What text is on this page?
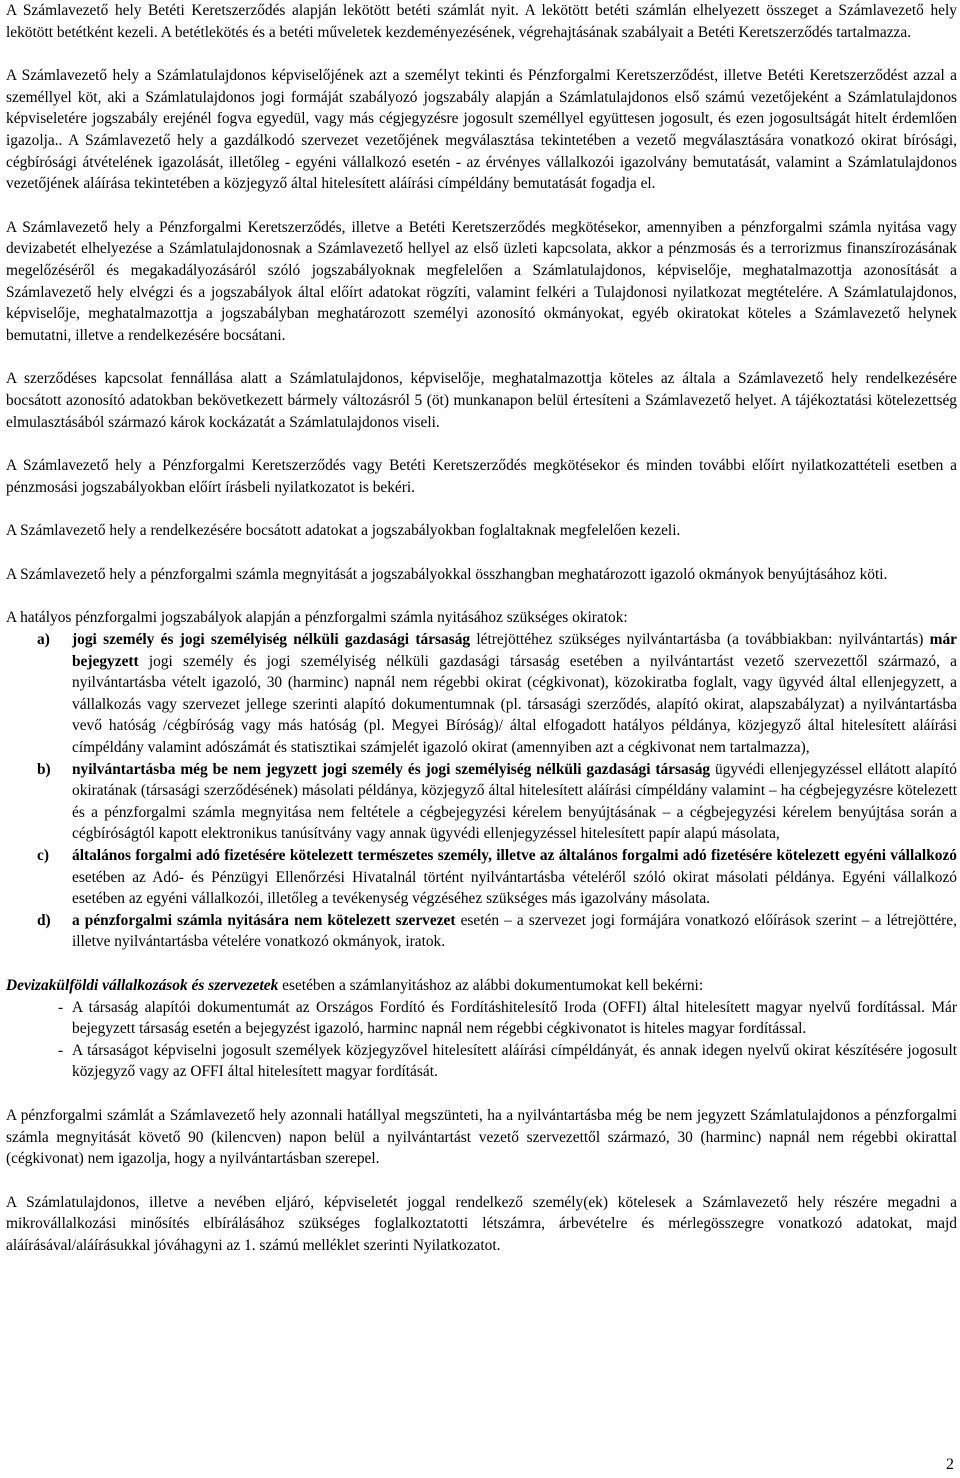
A Számlavezető hely Betéti Keretszerződés alapján lekötött betéti számlát nyit. A lekötött betéti számlán elhelyezett összeget a Számlavezető hely lekötött betétként kezeli. A betétlekötés és a betéti műveletek kezdeményezésének, végrehajtásának szabályait a Betéti Keretszerződés tartalmazza.

A Számlavezető hely a Számlatulajdonos képviselőjének azt a személyt tekinti és Pénzforgalmi Keretszerződést, illetve Betéti Keretszerződést azzal a személlyel köt, aki a Számlatulajdonos jogi formáját szabályozó jogszabály alapján a Számlatulajdonos első számú vezetőjeként a Számlatulajdonos képviseletére jogszabály erejénél fogva egyedül, vagy más cégjegyzésre jogosult személlyel együttesen jogosult, és ezen jogosultságát hitelt érdemlően igazolja.. A Számlavezető hely a gazdálkodó szervezet vezetőjének megválasztása tekintetében a vezető megválasztására vonatkozó okirat bírósági, cégbírósági átvételének igazolását, illetőleg - egyéni vállalkozó esetén - az érvényes vállalkozói igazolvány bemutatását, valamint a Számlatulajdonos vezetőjének aláírása tekintetében a közjegyző által hitelesített aláírási címpéldány bemutatását fogadja el.

A Számlavezető hely a Pénzforgalmi Keretszerződés, illetve a Betéti Keretszerződés megkötésekor, amennyiben a pénzforgalmi számla nyitása vagy devizabetét elhelyezése a Számlatulajdonosnak a Számlavezető hellyel az első üzleti kapcsolata, akkor a pénzmosás és a terrorizmus finanszírozásának megelőzéséről és megakadályozásáról szóló jogszabályoknak megfelelően a Számlatulajdonos, képviselője, meghatalmazottja azonosítását a Számlavezető hely elvégzi és a jogszabályok által előírt adatokat rögzíti, valamint felkéri a Tulajdonosi nyilatkozat megtételére. A Számlatulajdonos, képviselője, meghatalmazottja a jogszabályban meghatározott személyi azonosító okmányokat, egyéb okiratokat köteles a Számlavezető helynek bemutatni, illetve a rendelkezésére bocsátani.

A szerződéses kapcsolat fennállása alatt a Számlatulajdonos, képviselője, meghatalmazottja köteles az általa a Számlavezető hely rendelkezésére bocsátott azonosító adatokban bekövetkezett bármely változásról 5 (öt) munkanapon belül értesíteni a Számlavezető helyet. A tájékoztatási kötelezettség elmulasztásából származó károk kockázatát a Számlatulajdonos viseli.

A Számlavezető hely a Pénzforgalmi Keretszerződés vagy Betéti Keretszerződés megkötésekor és minden további előírt nyilatkozattételi esetben a pénzmosási jogszabályokban előírt írásbeli nyilatkozatot is bekéri.

A Számlavezető hely a rendelkezésére bocsátott adatokat a jogszabályokban foglaltaknak megfelelően kezeli.

A Számlavezető hely a pénzforgalmi számla megnyitását a jogszabályokkal összhangban meghatározott igazoló okmányok benyújtásához köti.

A hatályos pénzforgalmi jogszabályok alapján a pénzforgalmi számla nyitásához szükséges okiratok:

a) jogi személy és jogi személyiség nélküli gazdasági társaság létrejöttéhez szükséges nyilvántartásba (a továbbiakban: nyilvántartás) már bejegyzett jogi személy és jogi személyiség nélküli gazdasági társaság esetében a nyilvántartást vezető szervezettől származó, a nyilvántartásba vételt igazoló, 30 (harminc) napnál nem régebbi okirat (cégkivonat), közokiratba foglalt, vagy ügyvéd által ellenjegyzett, a vállalkozás vagy szervezet jellege szerinti alapító dokumentumnak (pl. társasági szerződés, alapító okirat, alapszabályzat) a nyilvántartásba vevő hatóság /cégbíróság vagy más hatóság (pl. Megyei Bíróság)/ által elfogadott hatályos példánya, közjegyző által hitelesített aláírási címpéldány valamint adószámát és statisztikai számjelét igazoló okirat (amennyiben azt a cégkivonat nem tartalmazza),
b) nyilvántartásba még be nem jegyzett jogi személy és jogi személyiség nélküli gazdasági társaság ügyvédi ellenjegyzéssel ellátott alapító okiratának (társasági szerződésének) másolati példánya, közjegyző által hitelesített aláírási címpéldány valamint – ha cégbejegyzésre kötelezett és a pénzforgalmi számla megnyitása nem feltétele a cégbejegyzési kérelem benyújtásának – a cégbejegyzési kérelem benyújtása során a cégbíróságtól kapott elektronikus tanúsítvány vagy annak ügyvédi ellenjegyzéssel hitelesített papír alapú másolata,
c) általános forgalmi adó fizetésére kötelezett természetes személy, illetve az általános forgalmi adó fizetésére kötelezett egyéni vállalkozó esetében az Adó- és Pénzügyi Ellenőrzési Hivatalnál történt nyilvántartásba vételéről szóló okirat másolati példánya. Egyéni vállalkozó esetében az egyéni vállalkozói, illetőleg a tevékenység végzéséhez szükséges más igazolvány másolata.
d) a pénzforgalmi számla nyitására nem kötelezett szervezet esetén – a szervezet jogi formájára vonatkozó előírások szerint – a létrejöttére, illetve nyilvántartásba vételére vonatkozó okmányok, iratok.

Devizakülföldi vállalkozások és szervezetek esetében a számlanyitáshoz az alábbi dokumentumokat kell bekérni:

- A társaság alapítói dokumentumát az Országos Fordító és Fordításhitelesítő Iroda (OFFI) által hitelesített magyar nyelvű fordítással. Már bejegyzett társaság esetén a bejegyzést igazoló, harminc napnál nem régebbi cégkivonatot is hiteles magyar fordítással.
- A társaságot képviselni jogosult személyek közjegyzővel hitelesített aláírási címpéldányát, és annak idegen nyelvű okirat készítésére jogosult közjegyző vagy az OFFI által hitelesített magyar fordítását.

A pénzforgalmi számlát a Számlavezető hely azonnali hatállyal megszünteti, ha a nyilvántartásba még be nem jegyzett Számlatulajdonos a pénzforgalmi számla megnyitását követő 90 (kilencven) napon belül a nyilvántartást vezető szervezettől származó, 30 (harminc) napnál nem régebbi okirattal (cégkivonat) nem igazolja, hogy a nyilvántartásban szerepel.

A Számlatulajdonos, illetve a nevében eljáró, képviseletét joggal rendelkező személy(ek) kötelesek a Számlavezető hely részére megadni a mikrovállalkozási minősítés elbírálásához szükséges foglalkoztatotti létszámra, árbevételre és mérlegösszegre vonatkozó adatokat, majd aláírásával/aláírásukkal jóváhagyni az 1. számú melléklet szerinti Nyilatkozatot.

2
